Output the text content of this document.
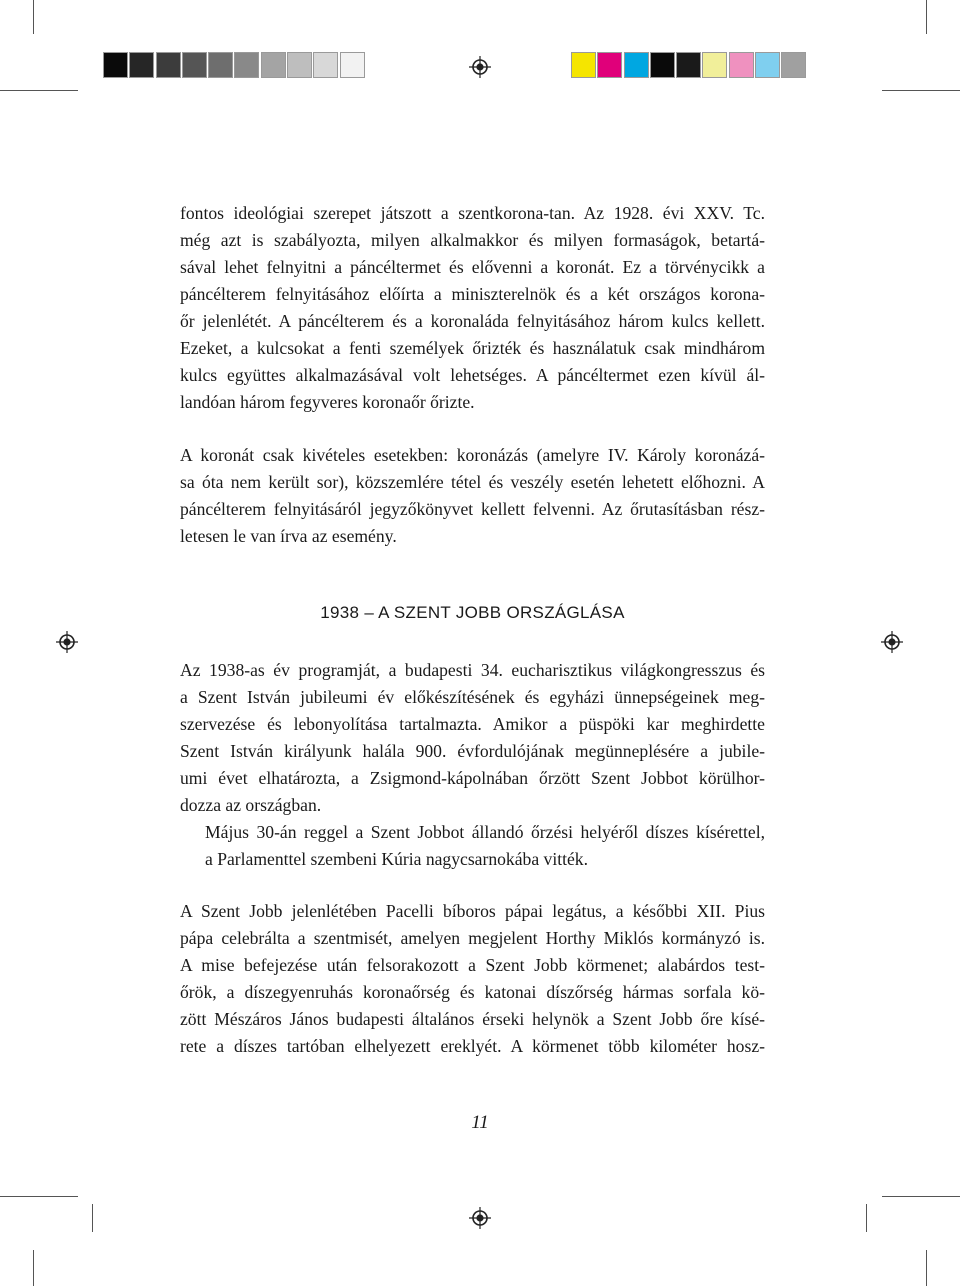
fontos ideológiai szerepet játszott a szentkorona-tan. Az 1928. évi XXV. Tc.
még azt is szabályozta, milyen alkalmakkor és milyen formaságok, betartá-
sával lehet felnyitni a páncéltermet és elővenni a koronát. Ez a törvénycikk a
páncélterem felnyitásához előírta a miniszterelnök és a két országos korona-
őr jelenlétét. A páncélterem és a koronaláda felnyitásához három kulcs kellett.
Ezeket, a kulcsokat a fenti személyek őrizték és használatuk csak mindhárom
kulcs együttes alkalmazásával volt lehetséges. A páncéltermet ezen kívül ál-
landóan három fegyveres koronaőr őrizte.

A koronát csak kivételes esetekben: koronázás (amelyre IV. Károly koronázá-
sa óta nem került sor), közszemlére tétel és veszély esetén lehetett előhozni. A
páncélterem felnyitásáról jegyzőkönyvet kellett felvenni. Az őrutasításban rész-
letesen le van írva az esemény.

1938 – A SZENT JOBB ORSZÁGLÁSA

Az 1938-as év programját, a budapesti 34. eucharisztikus világkongresszus és
a Szent István jubileumi év előkészítésének és egyházi ünnepségeinek meg-
szervezése és lebonyolítása tartalmazta. Amikor a püspöki kar meghirdette
Szent István királyunk halála 900. évfordulójának megünneplésére a jubile-
umi évet elhatározta, a Zsigmond-kápolnában őrzött Szent Jobbot körülhor-
dozza az országban.

Május 30-án reggel a Szent Jobbot állandó őrzési helyéről díszes kísérettel,
a Parlamenttel szembeni Kúria nagycsarnokába vitték.

A Szent Jobb jelenlétében Pacelli bíboros pápai legátus, a későbbi XII. Pius
pápa celebrálta a szentmisét, amelyen megjelent Horthy Miklós kormányzó is.
A mise befejezése után felsorakozott a Szent Jobb körmenet; alabárdos test-
őrök, a díszegyenruhás koronaőrség és katonai díszőrség hármas sorfala kö-
zött Mészáros János budapesti általános érseki helynök a Szent Jobb őre kísé-
rete a díszes tartóban elhelyezett ereklyét. A körmenet több kilométer hosz-

11
